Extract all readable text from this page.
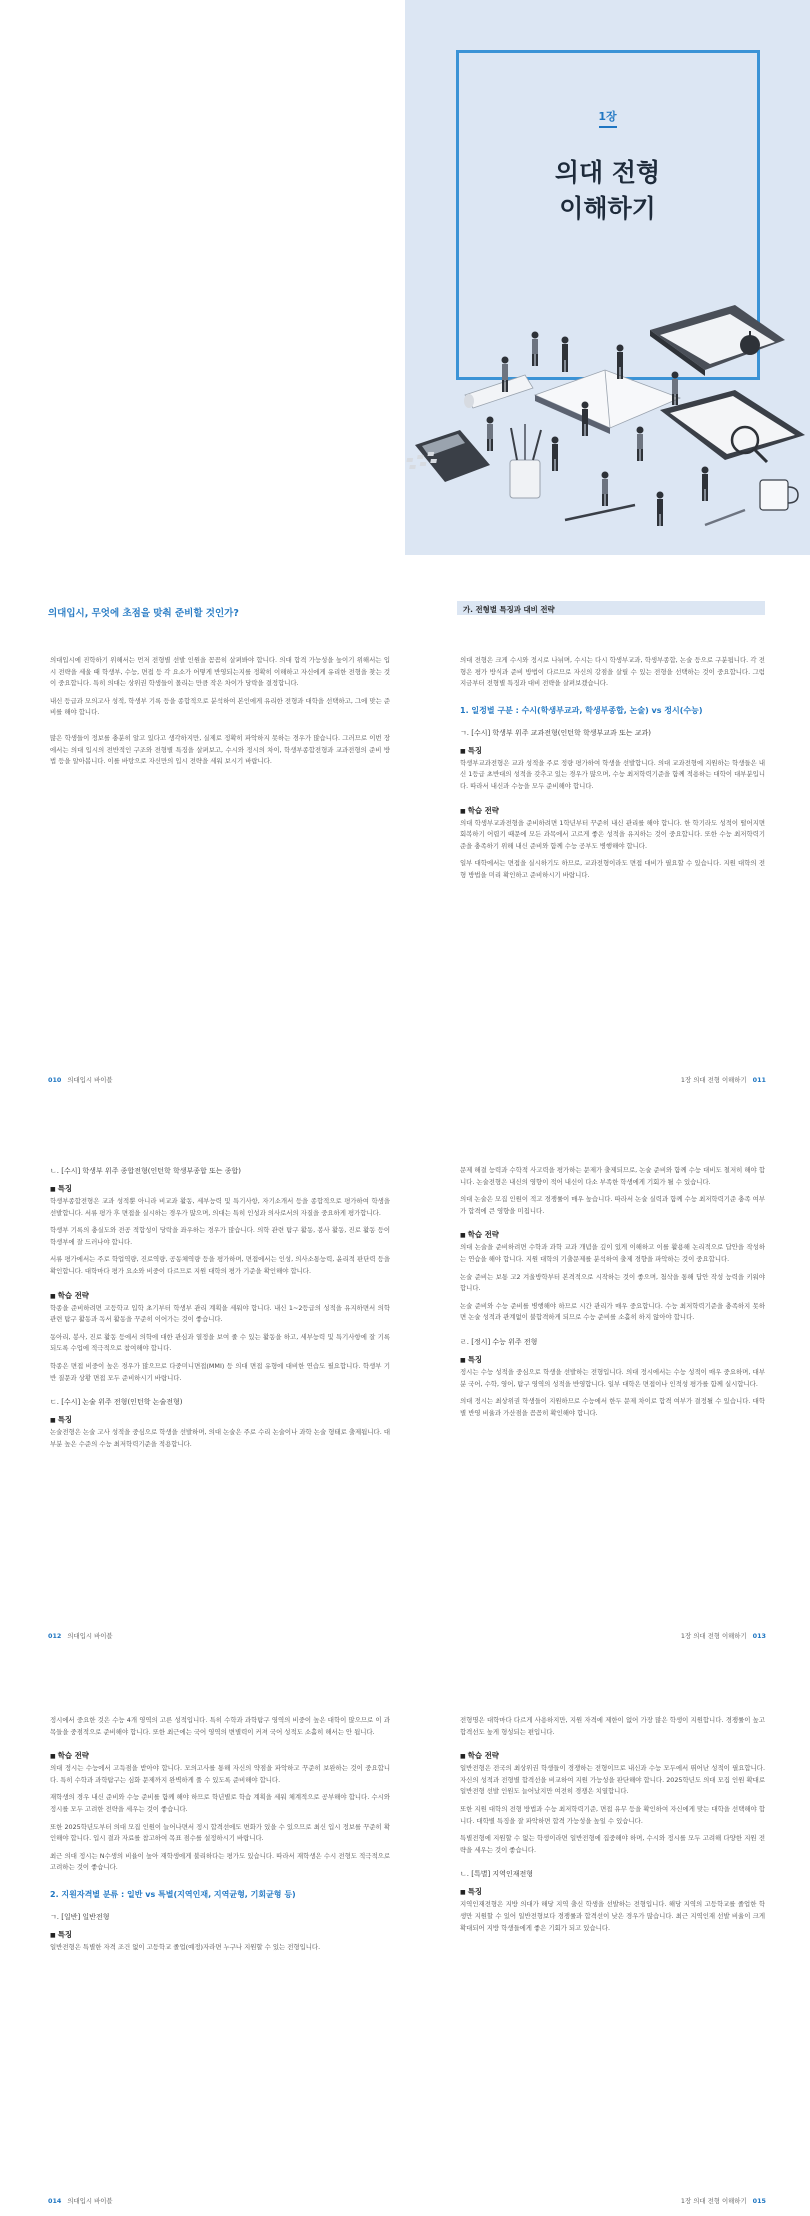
1장
의대 전형
이해하기
의대입시, 무엇에 초점을 맞춰 준비할 것인가?

의대입시에 진학하기 위해서는 먼저 전형별 선발 인원을 꼼꼼히 살펴봐야 합니다. 의대 합격 가능성을 높이기 위해서는 입시 전략을 세울 때 학생부, 수능, 면접 등 각 요소가 어떻게 반영되는지를 정확히 이해하고 자신에게 유리한 전형을 찾는 것이 중요합니다. 특히 의대는 상위권 학생들이 몰리는 만큼 작은 차이가 당락을 결정합니다.

내신 등급과 모의고사 성적, 학생부 기록 등을 종합적으로 분석하여 본인에게 유리한 전형과 대학을 선택하고, 그에 맞는 준비를 해야 합니다.

많은 학생들이 정보를 충분히 알고 있다고 생각하지만, 실제로 정확히 파악하지 못하는 경우가 많습니다. 그러므로 이번 장에서는 의대 입시의 전반적인 구조와 전형별 특징을 살펴보고, 수시와 정시의 차이, 학생부종합전형과 교과전형의 준비 방법 등을 알아봅니다. 이를 바탕으로 자신만의 입시 전략을 세워 보시기 바랍니다.

가. 전형별 특징과 대비 전략

의대 전형은 크게 수시와 정시로 나뉘며, 수시는 다시 학생부교과, 학생부종합, 논술 등으로 구분됩니다. 각 전형은 평가 방식과 준비 방법이 다르므로 자신의 강점을 살릴 수 있는 전형을 선택하는 것이 중요합니다. 그럼 지금부터 전형별 특징과 대비 전략을 살펴보겠습니다.

1. 일정별 구분 : 수시(학생부교과, 학생부종합, 논술) vs 정시(수능)
ㄱ. [수시] 학생부 위주 교과전형(인턴학 학생부교과 또는 교과)
■ 특징

학생부교과전형은 교과 성적을 주로 정량 평가하여 학생을 선발합니다. 의대 교과전형에 지원하는 학생들은 내신 1등급 초반대의 성적을 갖추고 있는 경우가 많으며, 수능 최저학력기준을 함께 적용하는 대학이 대부분입니다. 따라서 내신과 수능을 모두 준비해야 합니다.

■ 학습 전략

의대 학생부교과전형을 준비하려면 1학년부터 꾸준히 내신 관리를 해야 합니다. 한 학기라도 성적이 떨어지면 회복하기 어렵기 때문에 모든 과목에서 고르게 좋은 성적을 유지하는 것이 중요합니다. 또한 수능 최저학력기준을 충족하기 위해 내신 준비와 함께 수능 공부도 병행해야 합니다.

일부 대학에서는 면접을 실시하기도 하므로, 교과전형이라도 면접 대비가 필요할 수 있습니다. 지원 대학의 전형 방법을 미리 확인하고 준비하시기 바랍니다.

010 의대입시 바이블	1장 의대 전형 이해하기 011
ㄴ. [수시] 학생부 위주 종합전형(인턴학 학생부종합 또는 종합)
■ 특징

학생부종합전형은 교과 성적뿐 아니라 비교과 활동, 세부능력 및 특기사항, 자기소개서 등을 종합적으로 평가하여 학생을 선발합니다. 서류 평가 후 면접을 실시하는 경우가 많으며, 의대는 특히 인성과 의사로서의 자질을 중요하게 평가합니다.

학생부 기록의 충실도와 전공 적합성이 당락을 좌우하는 경우가 많습니다. 의학 관련 탐구 활동, 봉사 활동, 진로 활동 등이 학생부에 잘 드러나야 합니다.

서류 평가에서는 주로 학업역량, 진로역량, 공동체역량 등을 평가하며, 면접에서는 인성, 의사소통능력, 윤리적 판단력 등을 확인합니다. 대학마다 평가 요소와 비중이 다르므로 지원 대학의 평가 기준을 확인해야 합니다.

■ 학습 전략

학종을 준비하려면 고등학교 입학 초기부터 학생부 관리 계획을 세워야 합니다. 내신 1~2등급의 성적을 유지하면서 의학 관련 탐구 활동과 독서 활동을 꾸준히 이어가는 것이 좋습니다.

동아리, 봉사, 진로 활동 등에서 의학에 대한 관심과 열정을 보여 줄 수 있는 활동을 하고, 세부능력 및 특기사항에 잘 기록되도록 수업에 적극적으로 참여해야 합니다.

학종은 면접 비중이 높은 경우가 많으므로 다중미니면접(MMI) 등 의대 면접 유형에 대비한 연습도 필요합니다. 학생부 기반 질문과 상황 면접 모두 준비하시기 바랍니다.

ㄷ. [수시] 논술 위주 전형(인턴학 논술전형)
■ 특징

논술전형은 논술 고사 성적을 중심으로 학생을 선발하며, 의대 논술은 주로 수리 논술이나 과학 논술 형태로 출제됩니다. 대부분 높은 수준의 수능 최저학력기준을 적용합니다.

문제 해결 능력과 수학적 사고력을 평가하는 문제가 출제되므로, 논술 준비와 함께 수능 대비도 철저히 해야 합니다. 논술전형은 내신의 영향이 적어 내신이 다소 부족한 학생에게 기회가 될 수 있습니다.

의대 논술은 모집 인원이 적고 경쟁률이 매우 높습니다. 따라서 논술 실력과 함께 수능 최저학력기준 충족 여부가 합격에 큰 영향을 미칩니다.

■ 학습 전략

의대 논술을 준비하려면 수학과 과학 교과 개념을 깊이 있게 이해하고 이를 활용해 논리적으로 답안을 작성하는 연습을 해야 합니다. 지원 대학의 기출문제를 분석하여 출제 경향을 파악하는 것이 중요합니다.

논술 준비는 보통 고2 겨울방학부터 본격적으로 시작하는 것이 좋으며, 첨삭을 통해 답안 작성 능력을 키워야 합니다.

논술 준비와 수능 준비를 병행해야 하므로 시간 관리가 매우 중요합니다. 수능 최저학력기준을 충족하지 못하면 논술 성적과 관계없이 불합격하게 되므로 수능 준비를 소홀히 하지 않아야 합니다.

ㄹ. [정시] 수능 위주 전형
■ 특징

정시는 수능 성적을 중심으로 학생을 선발하는 전형입니다. 의대 정시에서는 수능 성적이 매우 중요하며, 대부분 국어, 수학, 영어, 탐구 영역의 성적을 반영합니다. 일부 대학은 면접이나 인적성 평가를 함께 실시합니다.

의대 정시는 최상위권 학생들이 지원하므로 수능에서 한두 문제 차이로 합격 여부가 결정될 수 있습니다. 대학별 반영 비율과 가산점을 꼼꼼히 확인해야 합니다.

012 의대입시 바이블	1장 의대 전형 이해하기 013

정시에서 중요한 것은 수능 4개 영역의 고른 성적입니다. 특히 수학과 과학탐구 영역의 비중이 높은 대학이 많으므로 이 과목들을 중점적으로 준비해야 합니다. 또한 최근에는 국어 영역의 변별력이 커져 국어 성적도 소홀히 해서는 안 됩니다.

■ 학습 전략

의대 정시는 수능에서 고득점을 받아야 합니다. 모의고사를 통해 자신의 약점을 파악하고 꾸준히 보완하는 것이 중요합니다. 특히 수학과 과학탐구는 심화 문제까지 완벽하게 풀 수 있도록 준비해야 합니다.

재학생의 경우 내신 준비와 수능 준비를 함께 해야 하므로 학년별로 학습 계획을 세워 체계적으로 공부해야 합니다. 수시와 정시를 모두 고려한 전략을 세우는 것이 좋습니다.

또한 2025학년도부터 의대 모집 인원이 늘어나면서 정시 합격선에도 변화가 있을 수 있으므로 최신 입시 정보를 꾸준히 확인해야 합니다. 입시 결과 자료를 참고하여 목표 점수를 설정하시기 바랍니다.

최근 의대 정시는 N수생의 비율이 높아 재학생에게 불리하다는 평가도 있습니다. 따라서 재학생은 수시 전형도 적극적으로 고려하는 것이 좋습니다.

2. 지원자격별 분류 : 일반 vs 특별(지역인재, 지역균형, 기회균형 등)
ㄱ. [일반] 일반전형
■ 특징

일반전형은 특별한 자격 조건 없이 고등학교 졸업(예정)자라면 누구나 지원할 수 있는 전형입니다.

전형명은 대학마다 다르게 사용하지만, 지원 자격에 제한이 없어 가장 많은 학생이 지원합니다. 경쟁률이 높고 합격선도 높게 형성되는 편입니다.

■ 학습 전략

일반전형은 전국의 최상위권 학생들이 경쟁하는 전형이므로 내신과 수능 모두에서 뛰어난 성적이 필요합니다. 자신의 성적과 전형별 합격선을 비교하여 지원 가능성을 판단해야 합니다. 2025학년도 의대 모집 인원 확대로 일반전형 선발 인원도 늘어났지만 여전히 경쟁은 치열합니다.

또한 지원 대학의 전형 방법과 수능 최저학력기준, 면접 유무 등을 확인하여 자신에게 맞는 대학을 선택해야 합니다. 대학별 특징을 잘 파악하면 합격 가능성을 높일 수 있습니다.

특별전형에 지원할 수 없는 학생이라면 일반전형에 집중해야 하며, 수시와 정시를 모두 고려해 다양한 지원 전략을 세우는 것이 좋습니다.

ㄴ. [특별] 지역인재전형
■ 특징

지역인재전형은 지방 의대가 해당 지역 출신 학생을 선발하는 전형입니다. 해당 지역의 고등학교를 졸업한 학생만 지원할 수 있어 일반전형보다 경쟁률과 합격선이 낮은 경우가 많습니다. 최근 지역인재 선발 비율이 크게 확대되어 지방 학생들에게 좋은 기회가 되고 있습니다.

014 의대입시 바이블	1장 의대 전형 이해하기 015
